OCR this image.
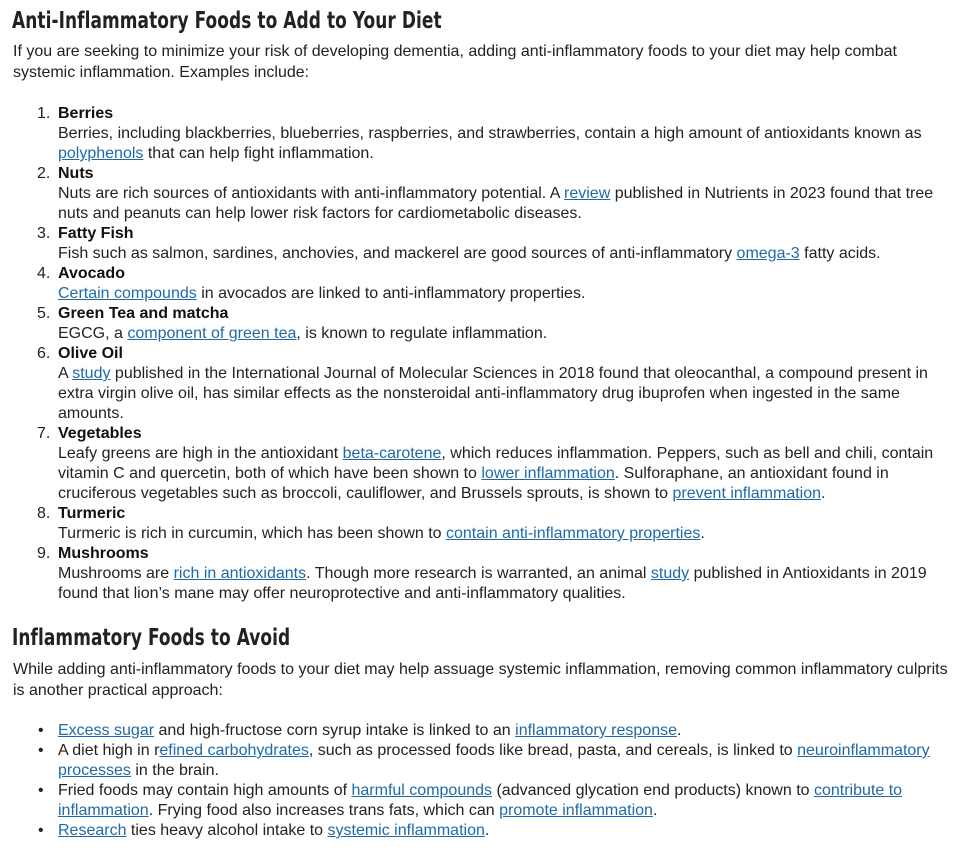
Anti-Inflammatory Foods to Add to Your Diet

If you are seeking to minimize your risk of developing dementia, adding anti-inflammatory foods to your diet may help combat systemic inflammation. Examples include:

1. Berries
Berries, including blackberries, blueberries, raspberries, and strawberries, contain a high amount of antioxidants known as polyphenols that can help fight inflammation.
2. Nuts
Nuts are rich sources of antioxidants with anti-inflammatory potential. A review published in Nutrients in 2023 found that tree nuts and peanuts can help lower risk factors for cardiometabolic diseases.
3. Fatty Fish
Fish such as salmon, sardines, anchovies, and mackerel are good sources of anti-inflammatory omega-3 fatty acids.
4. Avocado
Certain compounds in avocados are linked to anti-inflammatory properties.
5. Green Tea and matcha
EGCG, a component of green tea, is known to regulate inflammation.
6. Olive Oil
A study published in the International Journal of Molecular Sciences in 2018 found that oleocanthal, a compound present in extra virgin olive oil, has similar effects as the nonsteroidal anti-inflammatory drug ibuprofen when ingested in the same amounts.
7. Vegetables
Leafy greens are high in the antioxidant beta-carotene, which reduces inflammation. Peppers, such as bell and chili, contain vitamin C and quercetin, both of which have been shown to lower inflammation. Sulforaphane, an antioxidant found in cruciferous vegetables such as broccoli, cauliflower, and Brussels sprouts, is shown to prevent inflammation.
8. Turmeric
Turmeric is rich in curcumin, which has been shown to contain anti-inflammatory properties.
9. Mushrooms
Mushrooms are rich in antioxidants. Though more research is warranted, an animal study published in Antioxidants in 2019 found that lion’s mane may offer neuroprotective and anti-inflammatory qualities.
Inflammatory Foods to Avoid

While adding anti-inflammatory foods to your diet may help assuage systemic inflammation, removing common inflammatory culprits is another practical approach:

• Excess sugar and high-fructose corn syrup intake is linked to an inflammatory response.
• A diet high in refined carbohydrates, such as processed foods like bread, pasta, and cereals, is linked to neuroinflammatory processes in the brain.
• Fried foods may contain high amounts of harmful compounds (advanced glycation end products) known to contribute to inflammation. Frying food also increases trans fats, which can promote inflammation.
• Research ties heavy alcohol intake to systemic inflammation.
